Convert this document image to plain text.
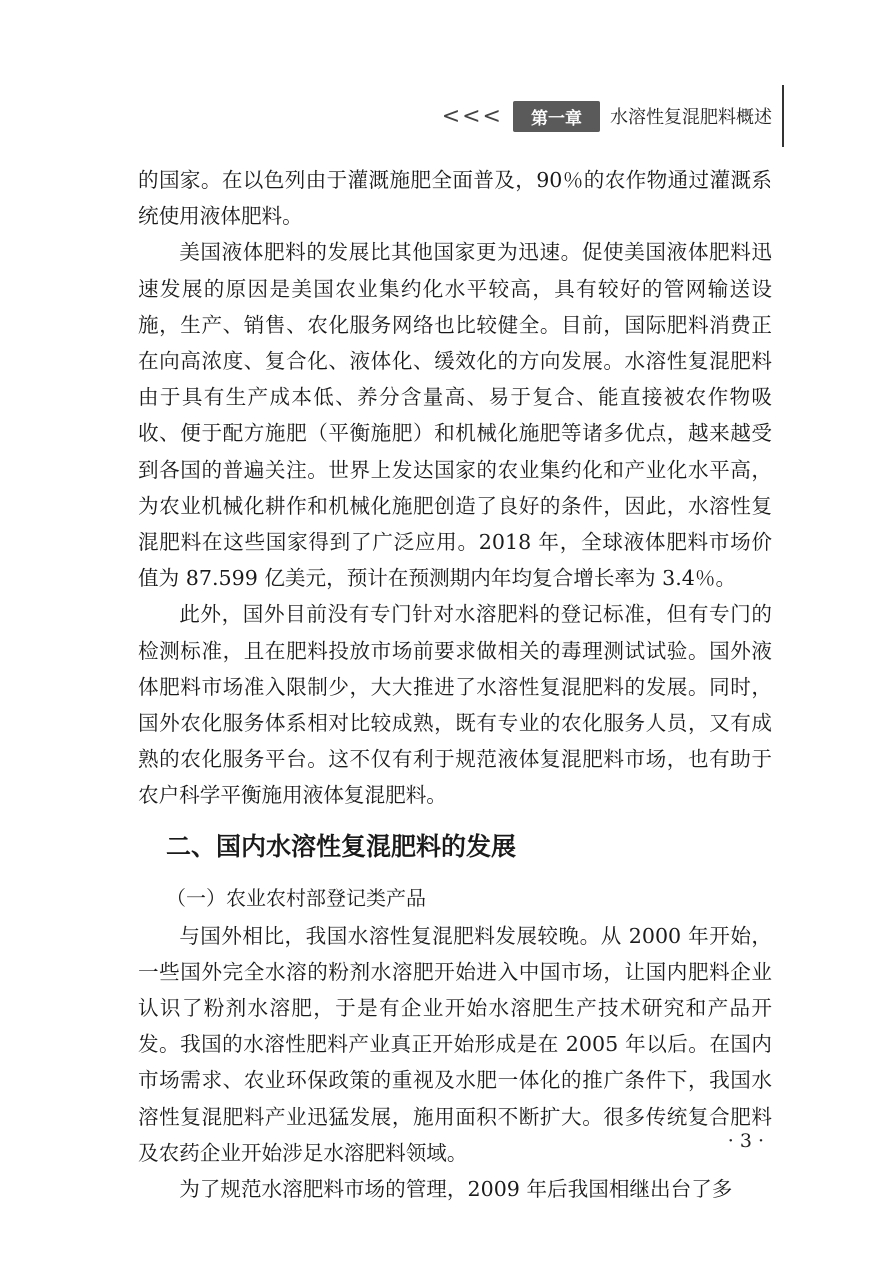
<<<	第一章	水溶性复混肥料概述

的国家。在以色列由于灌溉施肥全面普及，90％的农作物通过灌溉系统使用液体肥料。

美国液体肥料的发展比其他国家更为迅速。促使美国液体肥料迅速发展的原因是美国农业集约化水平较高，具有较好的管网输送设施，生产、销售、农化服务网络也比较健全。目前，国际肥料消费正在向高浓度、复合化、液体化、缓效化的方向发展。水溶性复混肥料由于具有生产成本低、养分含量高、易于复合、能直接被农作物吸收、便于配方施肥（平衡施肥）和机械化施肥等诸多优点，越来越受到各国的普遍关注。世界上发达国家的农业集约化和产业化水平高，为农业机械化耕作和机械化施肥创造了良好的条件，因此，水溶性复混肥料在这些国家得到了广泛应用。2018 年，全球液体肥料市场价值为 87.599 亿美元，预计在预测期内年均复合增长率为 3.4％。

此外，国外目前没有专门针对水溶肥料的登记标准，但有专门的检测标准，且在肥料投放市场前要求做相关的毒理测试试验。国外液体肥料市场准入限制少，大大推进了水溶性复混肥料的发展。同时，国外农化服务体系相对比较成熟，既有专业的农化服务人员，又有成熟的农化服务平台。这不仅有利于规范液体复混肥料市场，也有助于农户科学平衡施用液体复混肥料。

二、国内水溶性复混肥料的发展
（一）农业农村部登记类产品

与国外相比，我国水溶性复混肥料发展较晚。从 2000 年开始，一些国外完全水溶的粉剂水溶肥开始进入中国市场，让国内肥料企业认识了粉剂水溶肥，于是有企业开始水溶肥生产技术研究和产品开发。我国的水溶性肥料产业真正开始形成是在 2005 年以后。在国内市场需求、农业环保政策的重视及水肥一体化的推广条件下，我国水溶性复混肥料产业迅猛发展，施用面积不断扩大。很多传统复合肥料及农药企业开始涉足水溶肥料领域。

为了规范水溶肥料市场的管理，2009 年后我国相继出台了多

· 3 ·
